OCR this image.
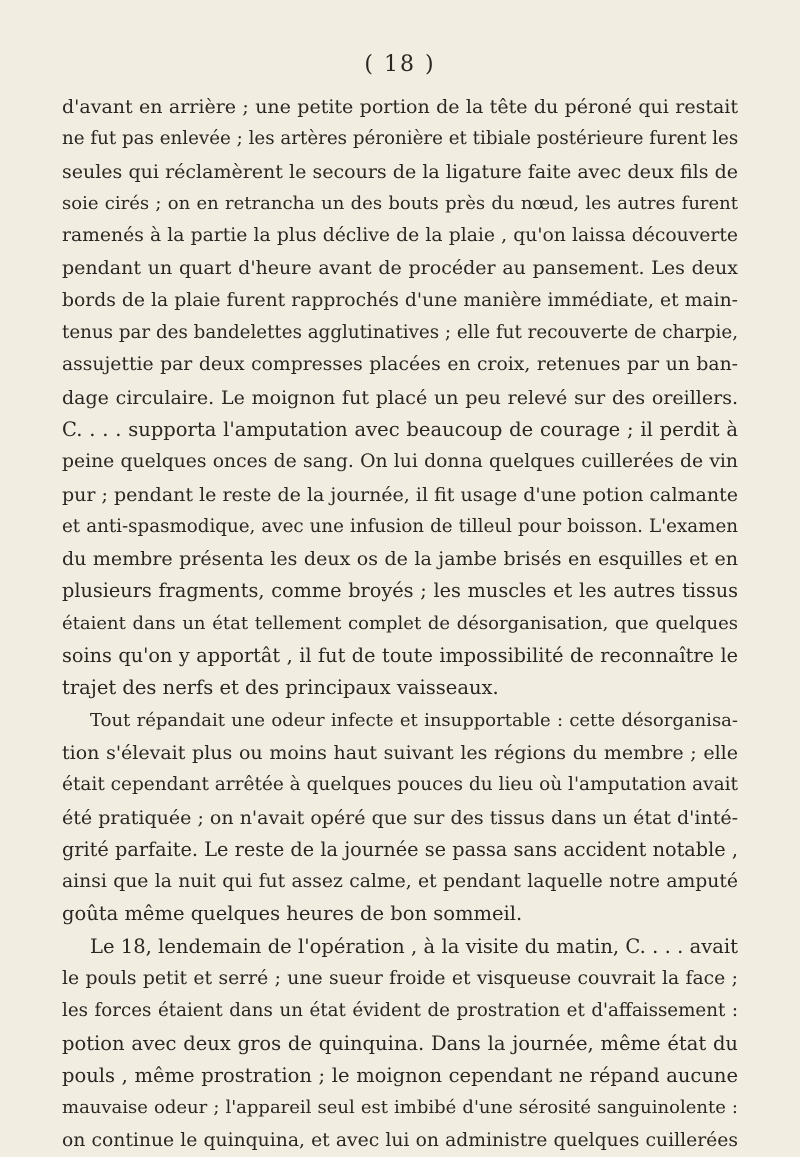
( 18 )
d'avant en arrière ; une petite portion de la tête du péroné qui restait
ne fut pas enlevée ; les artères péronière et tibiale postérieure furent les
seules qui réclamèrent le secours de la ligature faite avec deux fils de
soie cirés ; on en retrancha un des bouts près du nœud, les autres furent
ramenés à la partie la plus déclive de la plaie , qu'on laissa découverte
pendant un quart d'heure avant de procéder au pansement. Les deux
bords de la plaie furent rapprochés d'une manière immédiate, et main-
tenus par des bandelettes agglutinatives ; elle fut recouverte de charpie,
assujettie par deux compresses placées en croix, retenues par un ban-
dage circulaire. Le moignon fut placé un peu relevé sur des oreillers.
C. . . . supporta l'amputation avec beaucoup de courage ; il perdit à
peine quelques onces de sang. On lui donna quelques cuillerées de vin
pur ; pendant le reste de la journée, il fit usage d'une potion calmante
et anti-spasmodique, avec une infusion de tilleul pour boisson. L'examen
du membre présenta les deux os de la jambe brisés en esquilles et en
plusieurs fragments, comme broyés ; les muscles et les autres tissus
étaient dans un état tellement complet de désorganisation, que quelques
soins qu'on y apportât , il fut de toute impossibilité de reconnaître le
trajet des nerfs et des principaux vaisseaux.
Tout répandait une odeur infecte et insupportable : cette désorganisa-
tion s'élevait plus ou moins haut suivant les régions du membre ; elle
était cependant arrêtée à quelques pouces du lieu où l'amputation avait
été pratiquée ; on n'avait opéré que sur des tissus dans un état d'inté-
grité parfaite. Le reste de la journée se passa sans accident notable ,
ainsi que la nuit qui fut assez calme, et pendant laquelle notre amputé
goûta même quelques heures de bon sommeil.
Le 18, lendemain de l'opération , à la visite du matin, C. . . . avait
le pouls petit et serré ; une sueur froide et visqueuse couvrait la face ;
les forces étaient dans un état évident de prostration et d'affaissement :
potion avec deux gros de quinquina. Dans la journée, même état du
pouls , même prostration ; le moignon cependant ne répand aucune
mauvaise odeur ; l'appareil seul est imbibé d'une sérosité sanguinolente :
on continue le quinquina, et avec lui on administre quelques cuillerées
